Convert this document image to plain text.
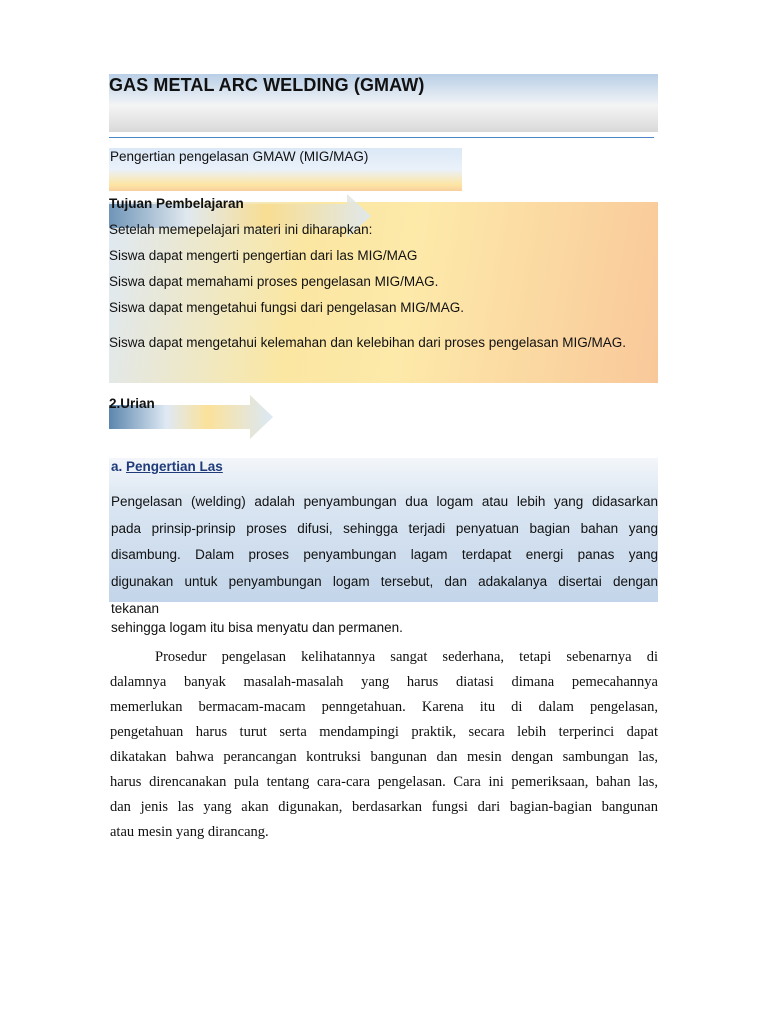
GAS METAL ARC WELDING (GMAW)
Pengertian pengelasan GMAW (MIG/MAG)
Tujuan Pembelajaran
Setelah memepelajari materi ini diharapkan:
Siswa dapat mengerti pengertian dari las MIG/MAG
Siswa dapat memahami proses pengelasan MIG/MAG.
Siswa dapat mengetahui fungsi dari pengelasan MIG/MAG.
Siswa dapat mengetahui kelemahan dan kelebihan dari proses pengelasan MIG/MAG.
2.Urian
a. Pengertian Las
Pengelasan (welding) adalah penyambungan dua logam atau lebih yang didasarkan
pada prinsip-prinsip proses difusi, sehingga terjadi penyatuan bagian bahan yang
disambung. Dalam proses penyambungan lagam terdapat energi panas yang
digunakan untuk penyambungan logam tersebut, dan adakalanya disertai dengan
tekanan
sehingga logam itu bisa menyatu dan permanen.
Prosedur pengelasan kelihatannya sangat sederhana, tetapi sebenarnya di
dalamnya banyak masalah-masalah yang harus diatasi dimana pemecahannya
memerlukan bermacam-macam penngetahuan. Karena itu di dalam pengelasan,
pengetahuan harus turut serta mendampingi praktik, secara lebih terperinci dapat
dikatakan bahwa perancangan kontruksi bangunan dan mesin dengan sambungan las,
harus direncanakan pula tentang cara-cara pengelasan. Cara ini pemeriksaan, bahan las,
dan jenis las yang akan digunakan, berdasarkan fungsi dari bagian-bagian bangunan
atau mesin yang dirancang.
